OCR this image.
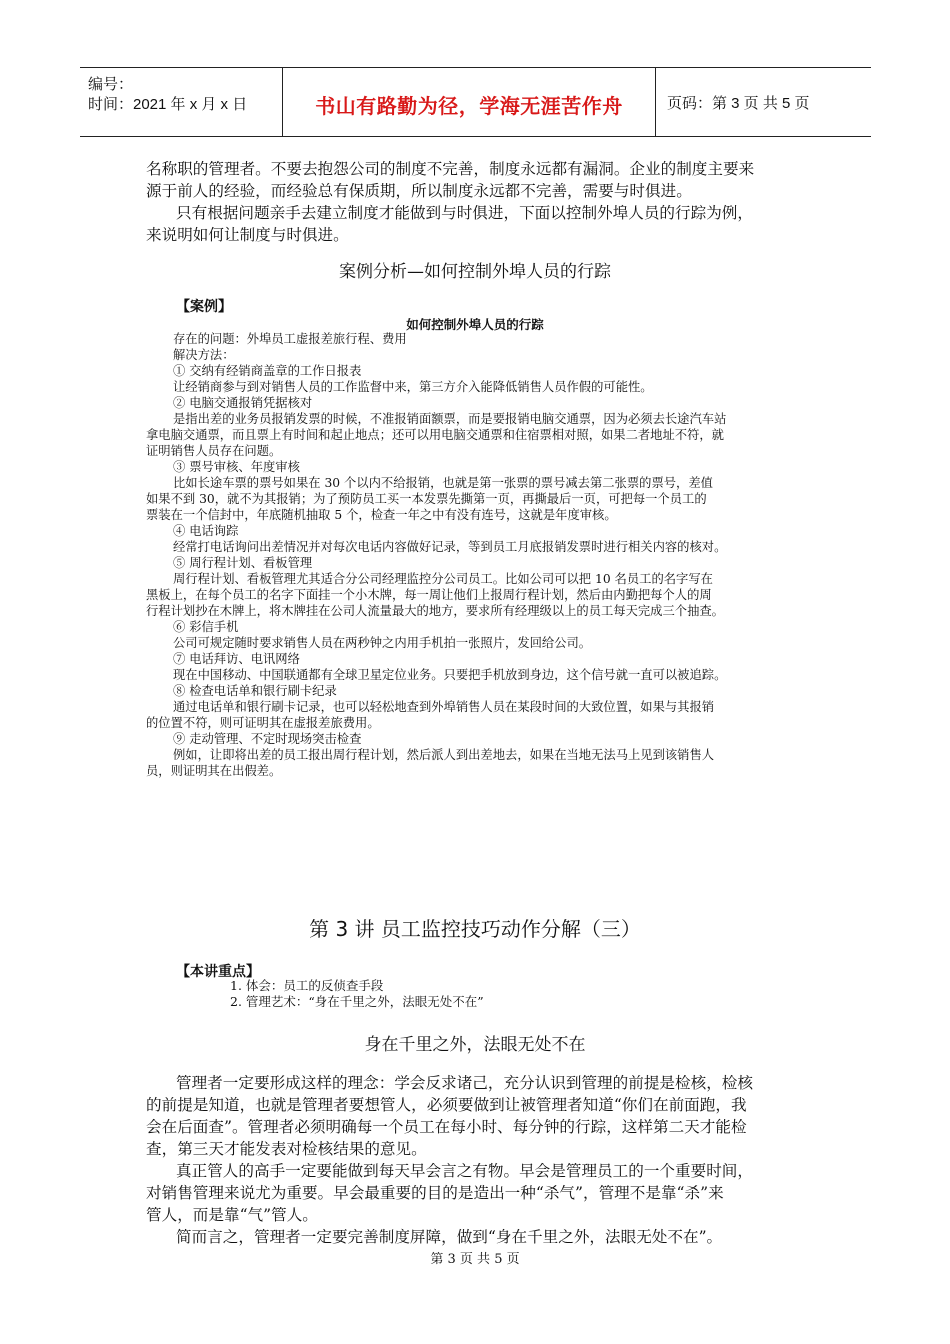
编号：
时间：2021 年 x 月 x 日	书山有路勤为径，学海无涯苦作舟	页码：第 3 页 共 5 页
名称职的管理者。不要去抱怨公司的制度不完善，制度永远都有漏洞。企业的制度主要来
源于前人的经验，而经验总有保质期，所以制度永远都不完善，需要与时俱进。
只有根据问题亲手去建立制度才能做到与时俱进，下面以控制外埠人员的行踪为例，
来说明如何让制度与时俱进。
案例分析—如何控制外埠人员的行踪
【案例】
如何控制外埠人员的行踪
存在的问题：外埠员工虚报差旅行程、费用
解决方法：
① 交纳有经销商盖章的工作日报表
让经销商参与到对销售人员的工作监督中来，第三方介入能降低销售人员作假的可能性。
② 电脑交通报销凭据核对
是指出差的业务员报销发票的时候，不准报销面额票，而是要报销电脑交通票，因为必须去长途汽车站
拿电脑交通票，而且票上有时间和起止地点；还可以用电脑交通票和住宿票相对照，如果二者地址不符，就
证明销售人员存在问题。
③ 票号审核、年度审核
比如长途车票的票号如果在 30 个以内不给报销，也就是第一张票的票号减去第二张票的票号，差值
如果不到 30，就不为其报销；为了预防员工买一本发票先撕第一页，再撕最后一页，可把每一个员工的
票装在一个信封中，年底随机抽取 5 个，检查一年之中有没有连号，这就是年度审核。
④ 电话询踪
经常打电话询问出差情况并对每次电话内容做好记录，等到员工月底报销发票时进行相关内容的核对。
⑤ 周行程计划、看板管理
周行程计划、看板管理尤其适合分公司经理监控分公司员工。比如公司可以把 10 名员工的名字写在
黑板上，在每个员工的名字下面挂一个小木牌，每一周让他们上报周行程计划，然后由内勤把每个人的周
行程计划抄在木牌上，将木牌挂在公司人流量最大的地方，要求所有经理级以上的员工每天完成三个抽查。
⑥ 彩信手机
公司可规定随时要求销售人员在两秒钟之内用手机拍一张照片，发回给公司。
⑦ 电话拜访、电讯网络
现在中国移动、中国联通都有全球卫星定位业务。只要把手机放到身边，这个信号就一直可以被追踪。
⑧ 检查电话单和银行刷卡纪录
通过电话单和银行刷卡记录，也可以轻松地查到外埠销售人员在某段时间的大致位置，如果与其报销
的位置不符，则可证明其在虚报差旅费用。
⑨ 走动管理、不定时现场突击检查
例如，让即将出差的员工报出周行程计划，然后派人到出差地去，如果在当地无法马上见到该销售人
员，则证明其在出假差。
第 3 讲 员工监控技巧动作分解（三）
【本讲重点】
1. 体会：员工的反侦查手段
2. 管理艺术：“身在千里之外，法眼无处不在”
身在千里之外，法眼无处不在
管理者一定要形成这样的理念：学会反求诸己，充分认识到管理的前提是检核，检核
的前提是知道，也就是管理者要想管人，必须要做到让被管理者知道“你们在前面跑，我
会在后面查”。管理者必须明确每一个员工在每小时、每分钟的行踪，这样第二天才能检
查，第三天才能发表对检核结果的意见。
真正管人的高手一定要能做到每天早会言之有物。早会是管理员工的一个重要时间，
对销售管理来说尤为重要。早会最重要的目的是造出一种“杀气”，管理不是靠“杀”来
管人，而是靠“气”管人。
简而言之，管理者一定要完善制度屏障，做到“身在千里之外，法眼无处不在”。
第 3 页 共 5 页
